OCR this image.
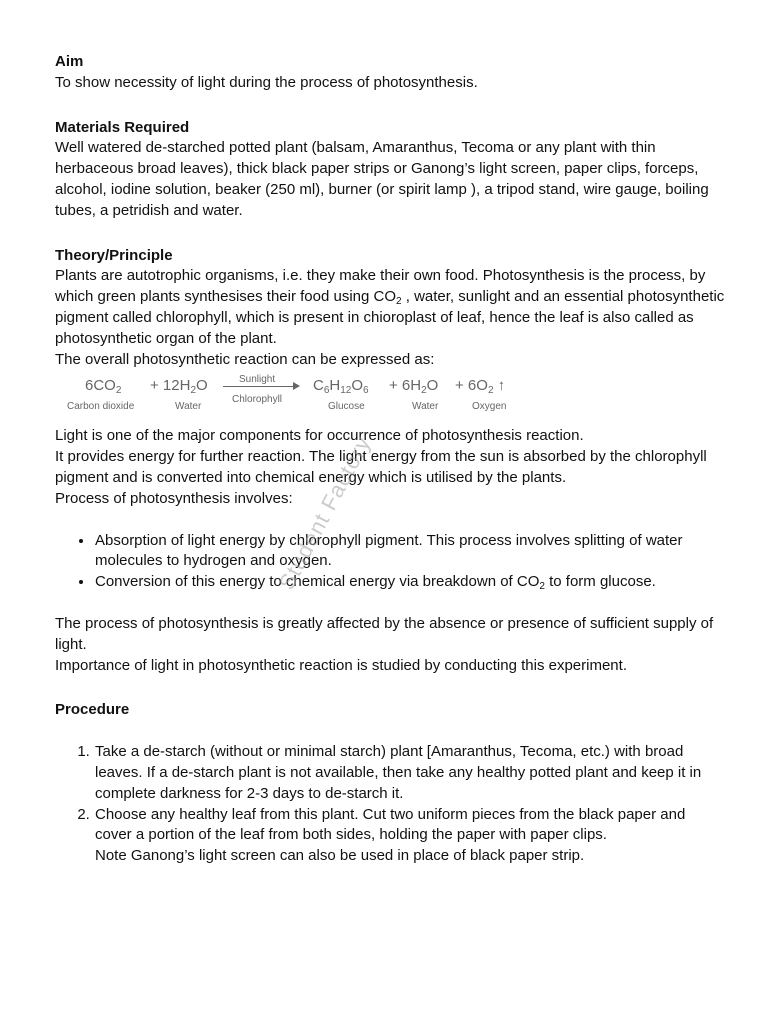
Aim

To show necessity of light during the process of photosynthesis.

Materials Required

Well watered de-starched potted plant (balsam, Amaranthus, Tecoma or any plant with thin herbaceous broad leaves), thick black paper strips or Ganong’s light screen, paper clips, forceps, alcohol, iodine solution, beaker (250 ml), burner (or spirit lamp ), a tripod stand, wire gauge, boiling tubes, a petridish and water.

Theory/Principle

Plants are autotrophic organisms, i.e. they make their own food. Photosynthesis is the process, by which green plants synthesises their food using $CO_2$ , water, sunlight and an essential photosynthetic pigment called chlorophyll, which is present in chioroplast of leaf, hence the leaf is also called as photosynthetic organ of the plant.

The overall photosynthetic reaction can be expressed as:

$6CO_2 + 12H_2O$	Sunlight
Chlorophyll
$C_6H_{12}O_6 + 6H_2O + 6O_2$ ↑
Carbon dioxide	Water	Glucose	Water	Oxygen

Light is one of the major components for occurrence of photosynthesis reaction.

It provides energy for further reaction. The light energy from the sun is absorbed by the chlorophyll pigment and is converted into chemical energy which is utilised by the plants.

Process of photosynthesis involves:

• Absorption of light energy by chlorophyll pigment. This process involves splitting of water molecules to hydrogen and oxygen.
• Conversion of this energy to chemical energy via breakdown of $CO_2$ to form glucose.

The process of photosynthesis is greatly affected by the absence or presence of sufficient supply of light.

Importance of light in photosynthetic reaction is studied by conducting this experiment.

Procedure
1. Take a de-starch (without or minimal starch) plant [Amaranthus, Tecoma, etc.) with broad leaves. If a de-starch plant is not available, then take any healthy potted plant and keep it in complete darkness for 2-3 days to de-starch it.
2. Choose any healthy leaf from this plant. Cut two uniform pieces from the black paper and cover a portion of the leaf from both sides, holding the paper with paper clips.
Note Ganong’s light screen can also be used in place of black paper strip.
Student Factory
